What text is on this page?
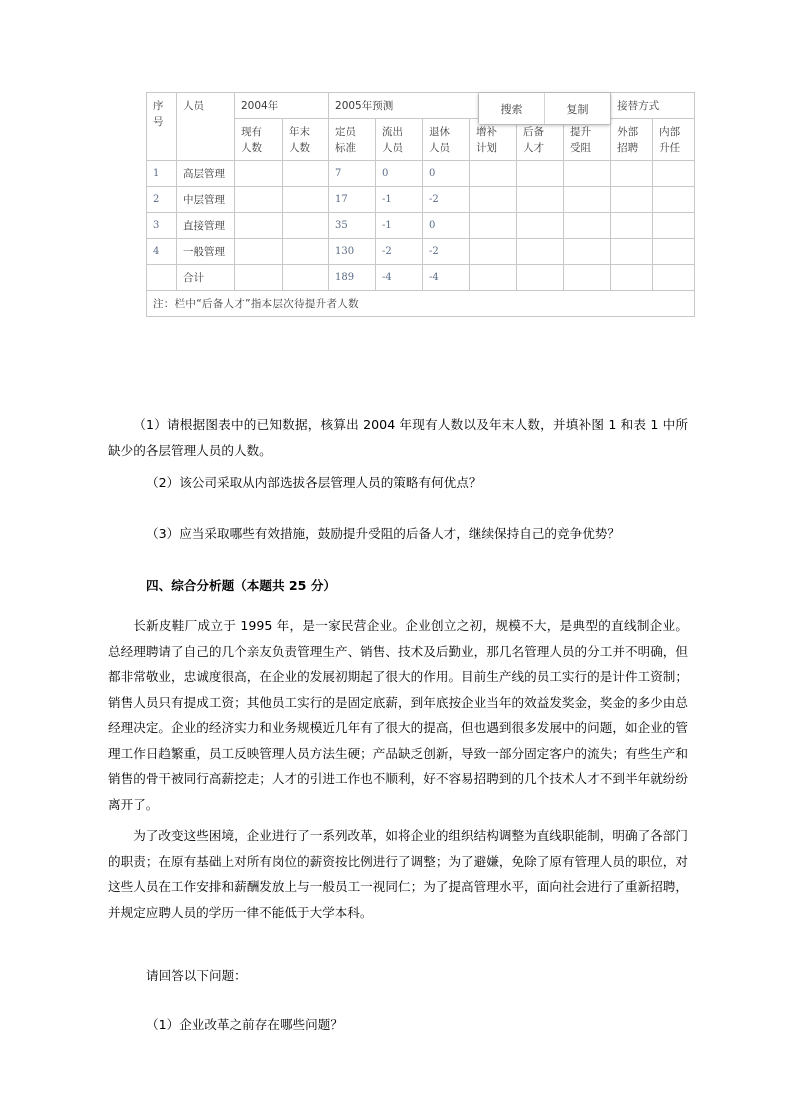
序号	人员	2004年		2005年预测						接替方式	

		现有人数	年末人数	定员标准	流出人员	退休人员	增补计划	后备人才	提升受阻	外部招聘	内部升任

1	高层管理			7	0	0					
2	中层管理			17	-1	-2					
3	直接管理			35	-1	0					
4	一般管理			130	-2	-2					
	合计			189	-4	-4					
注：栏中“后备人才”指本层次待提升者人数											
搜索	复制
（1）请根据图表中的已知数据，核算出 2004 年现有人数以及年末人数，并填补图 1 和表 1 中所缺少的各层管理人员的人数。
（2）该公司采取从内部选拔各层管理人员的策略有何优点？
（3）应当采取哪些有效措施，鼓励提升受阻的后备人才，继续保持自己的竞争优势？
四、综合分析题（本题共 25 分）
长新皮鞋厂成立于 1995 年，是一家民营企业。企业创立之初，规模不大，是典型的直线制企业。总经理聘请了自己的几个亲友负责管理生产、销售、技术及后勤业，那几名管理人员的分工并不明确，但都非常敬业，忠诚度很高，在企业的发展初期起了很大的作用。目前生产线的员工实行的是计件工资制；销售人员只有提成工资；其他员工实行的是固定底薪，到年底按企业当年的效益发奖金，奖金的多少由总经理决定。企业的经济实力和业务规模近几年有了很大的提高，但也遇到很多发展中的问题，如企业的管理工作日趋繁重，员工反映管理人员方法生硬；产品缺乏创新，导致一部分固定客户的流失；有些生产和销售的骨干被同行高薪挖走；人才的引进工作也不顺利，好不容易招聘到的几个技术人才不到半年就纷纷离开了。
为了改变这些困境，企业进行了一系列改革，如将企业的组织结构调整为直线职能制，明确了各部门的职责；在原有基础上对所有岗位的薪资按比例进行了调整；为了避嫌，免除了原有管理人员的职位，对这些人员在工作安排和薪酬发放上与一般员工一视同仁；为了提高管理水平，面向社会进行了重新招聘，并规定应聘人员的学历一律不能低于大学本科。
请回答以下问题：
（1）企业改革之前存在哪些问题？
